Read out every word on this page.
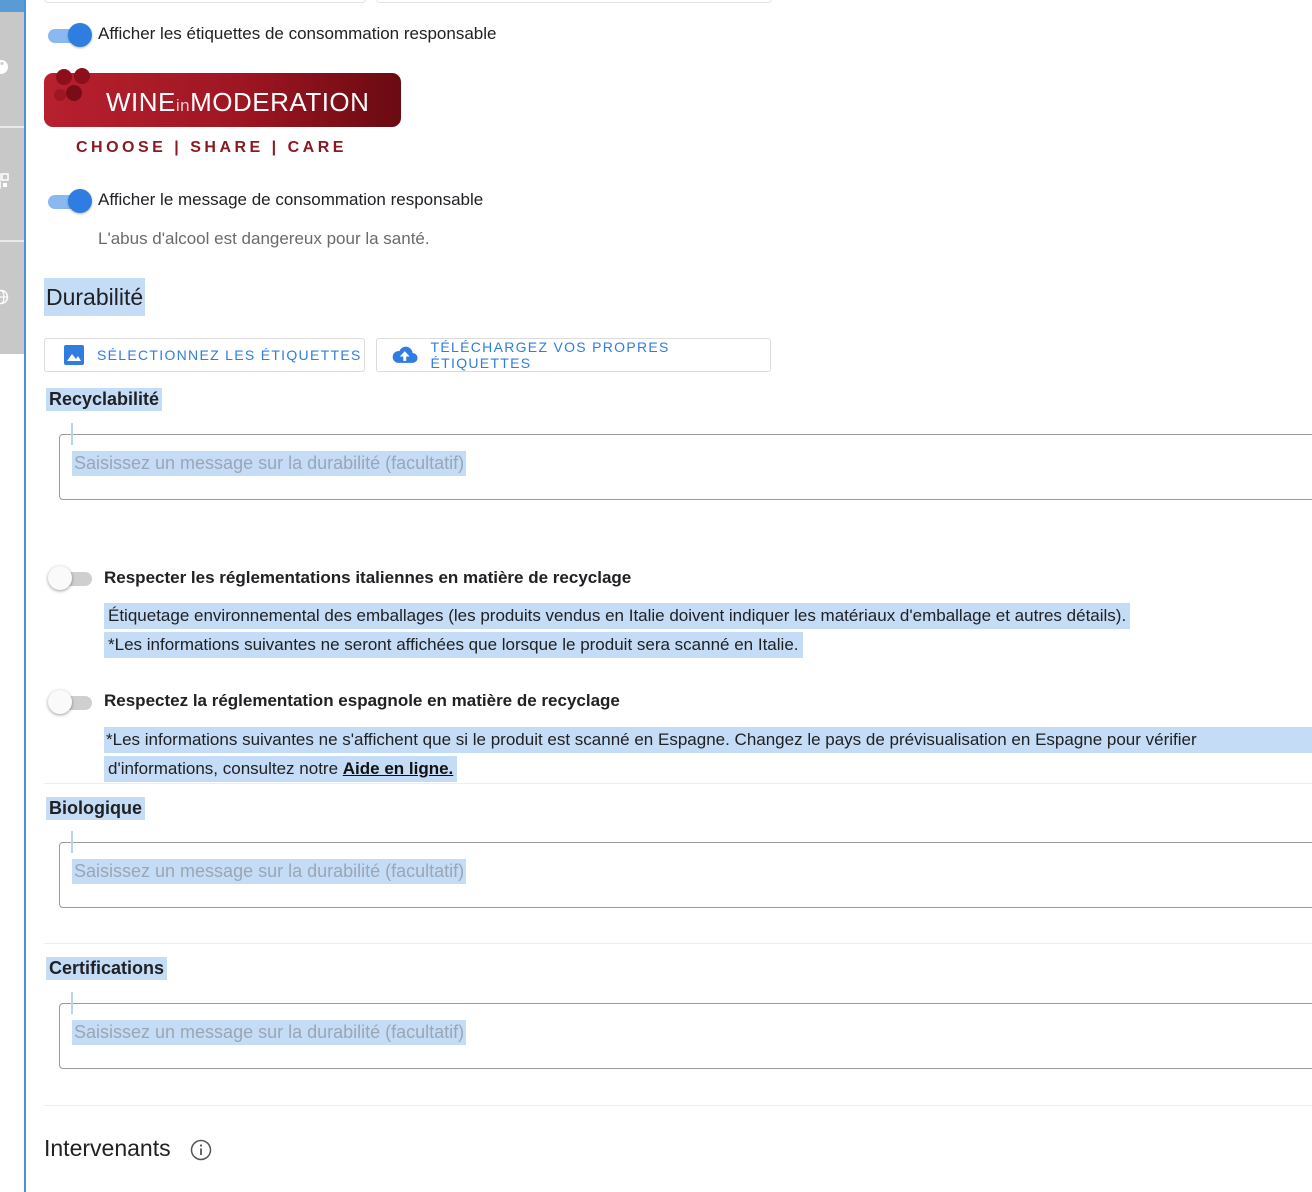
Afficher les étiquettes de consommation responsable
WINEinMODERATION
CHOOSE | SHARE | CARE
Afficher le message de consommation responsable
L'abus d'alcool est dangereux pour la santé.
Durabilité
SÉLECTIONNEZ LES ÉTIQUETTES	TÉLÉCHARGEZ VOS PROPRES ÉTIQUETTES
Recyclabilité
Saisissez un message sur la durabilité (facultatif)
Respecter les réglementations italiennes en matière de recyclage
Étiquetage environnemental des emballages (les produits vendus en Italie doivent indiquer les matériaux d'emballage et autres détails).
*Les informations suivantes ne seront affichées que lorsque le produit sera scanné en Italie.
Respectez la réglementation espagnole en matière de recyclage
*Les informations suivantes ne s'affichent que si le produit est scanné en Espagne. Changez le pays de prévisualisation en Espagne pour vérifier
d'informations, consultez notre Aide en ligne.
Biologique
Saisissez un message sur la durabilité (facultatif)
Certifications
Saisissez un message sur la durabilité (facultatif)
Intervenants
